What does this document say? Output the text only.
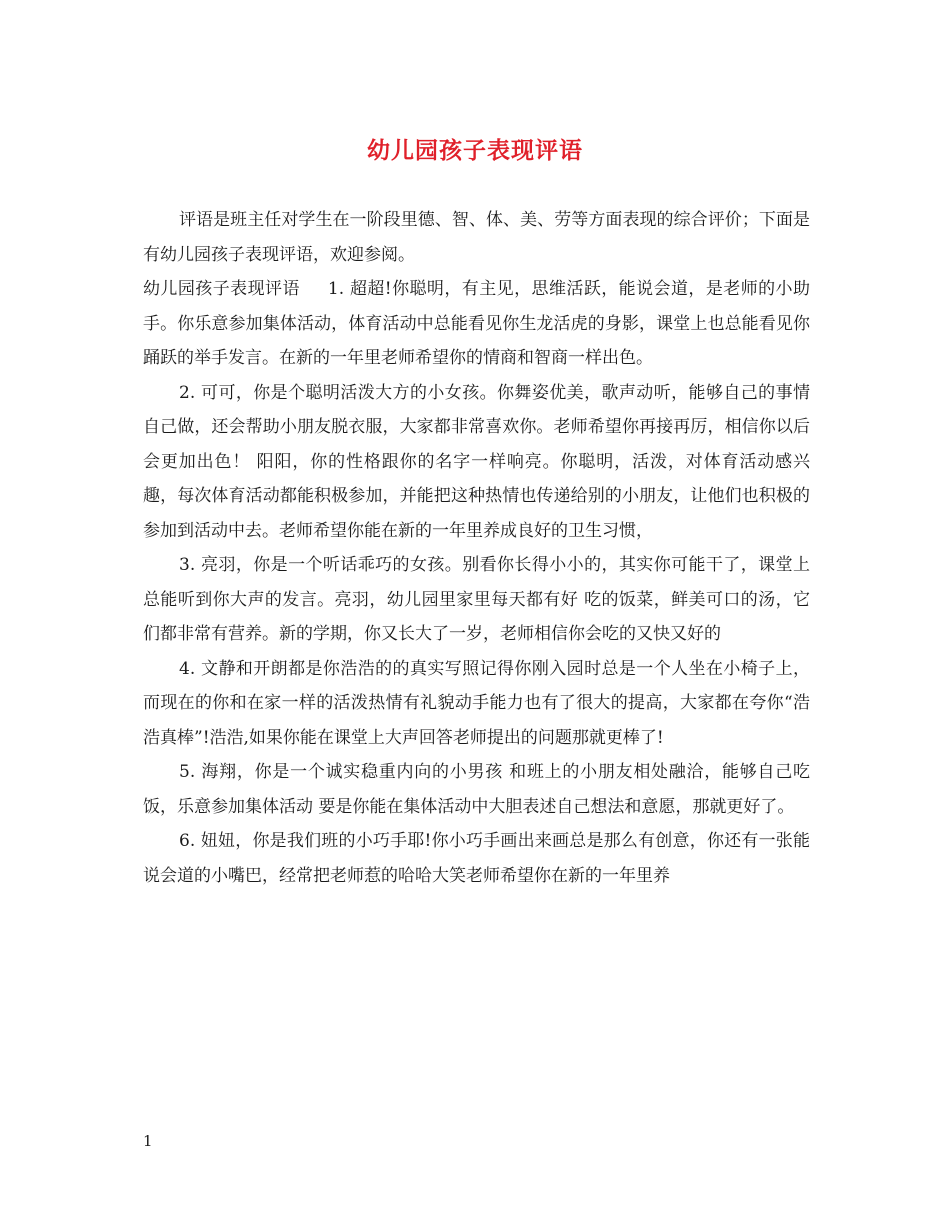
幼儿园孩子表现评语

评语是班主任对学生在一阶段里德、智、体、美、劳等方面表现的综合评价；下面是有幼儿园孩子表现评语，欢迎参阅。

幼儿园孩子表现评语 1. 超超!你聪明，有主见，思维活跃，能说会道，是老师的小助手。你乐意参加集体活动，体育活动中总能看见你生龙活虎的身影，课堂上也总能看见你踊跃的举手发言。在新的一年里老师希望你的情商和智商一样出色。

2. 可可，你是个聪明活泼大方的小女孩。你舞姿优美，歌声动听，能够自己的事情自己做，还会帮助小朋友脱衣服，大家都非常喜欢你。老师希望你再接再厉，相信你以后会更加出色！ 阳阳，你的性格跟你的名字一样响亮。你聪明，活泼，对体育活动感兴趣，每次体育活动都能积极参加，并能把这种热情也传递给别的小朋友，让他们也积极的参加到活动中去。老师希望你能在新的一年里养成良好的卫生习惯，

3. 亮羽，你是一个听话乖巧的女孩。别看你长得小小的，其实你可能干了，课堂上总能听到你大声的发言。亮羽，幼儿园里家里每天都有好 吃的饭菜，鲜美可口的汤，它们都非常有营养。新的学期，你又长大了一岁，老师相信你会吃的又快又好的

4. 文静和开朗都是你浩浩的的真实写照记得你刚入园时总是一个人坐在小椅子上，而现在的你和在家一样的活泼热情有礼貌动手能力也有了很大的提高，大家都在夸你“浩浩真棒”!浩浩,如果你能在课堂上大声回答老师提出的问题那就更棒了!

5. 海翔，你是一个诚实稳重内向的小男孩 和班上的小朋友相处融洽，能够自己吃饭，乐意参加集体活动 要是你能在集体活动中大胆表述自己想法和意愿，那就更好了。

6. 妞妞，你是我们班的小巧手耶!你小巧手画出来画总是那么有创意，你还有一张能说会道的小嘴巴，经常把老师惹的哈哈大笑老师希望你在新的一年里养

1
